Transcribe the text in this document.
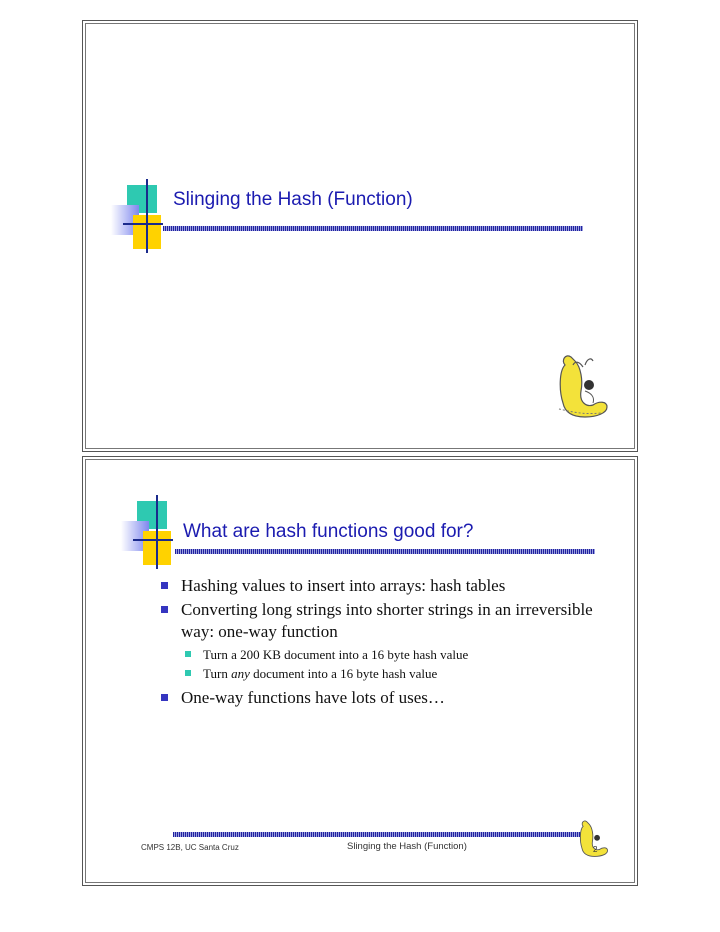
Slinging the Hash (Function)
What are hash functions good for?
Hashing values to insert into arrays: hash tables
Converting long strings into shorter strings in an irreversible way: one-way function
Turn a 200 KB document into a 16 byte hash value
Turn any document into a 16 byte hash value
One-way functions have lots of uses…
CMPS 12B, UC Santa Cruz	Slinging the Hash (Function)	2
